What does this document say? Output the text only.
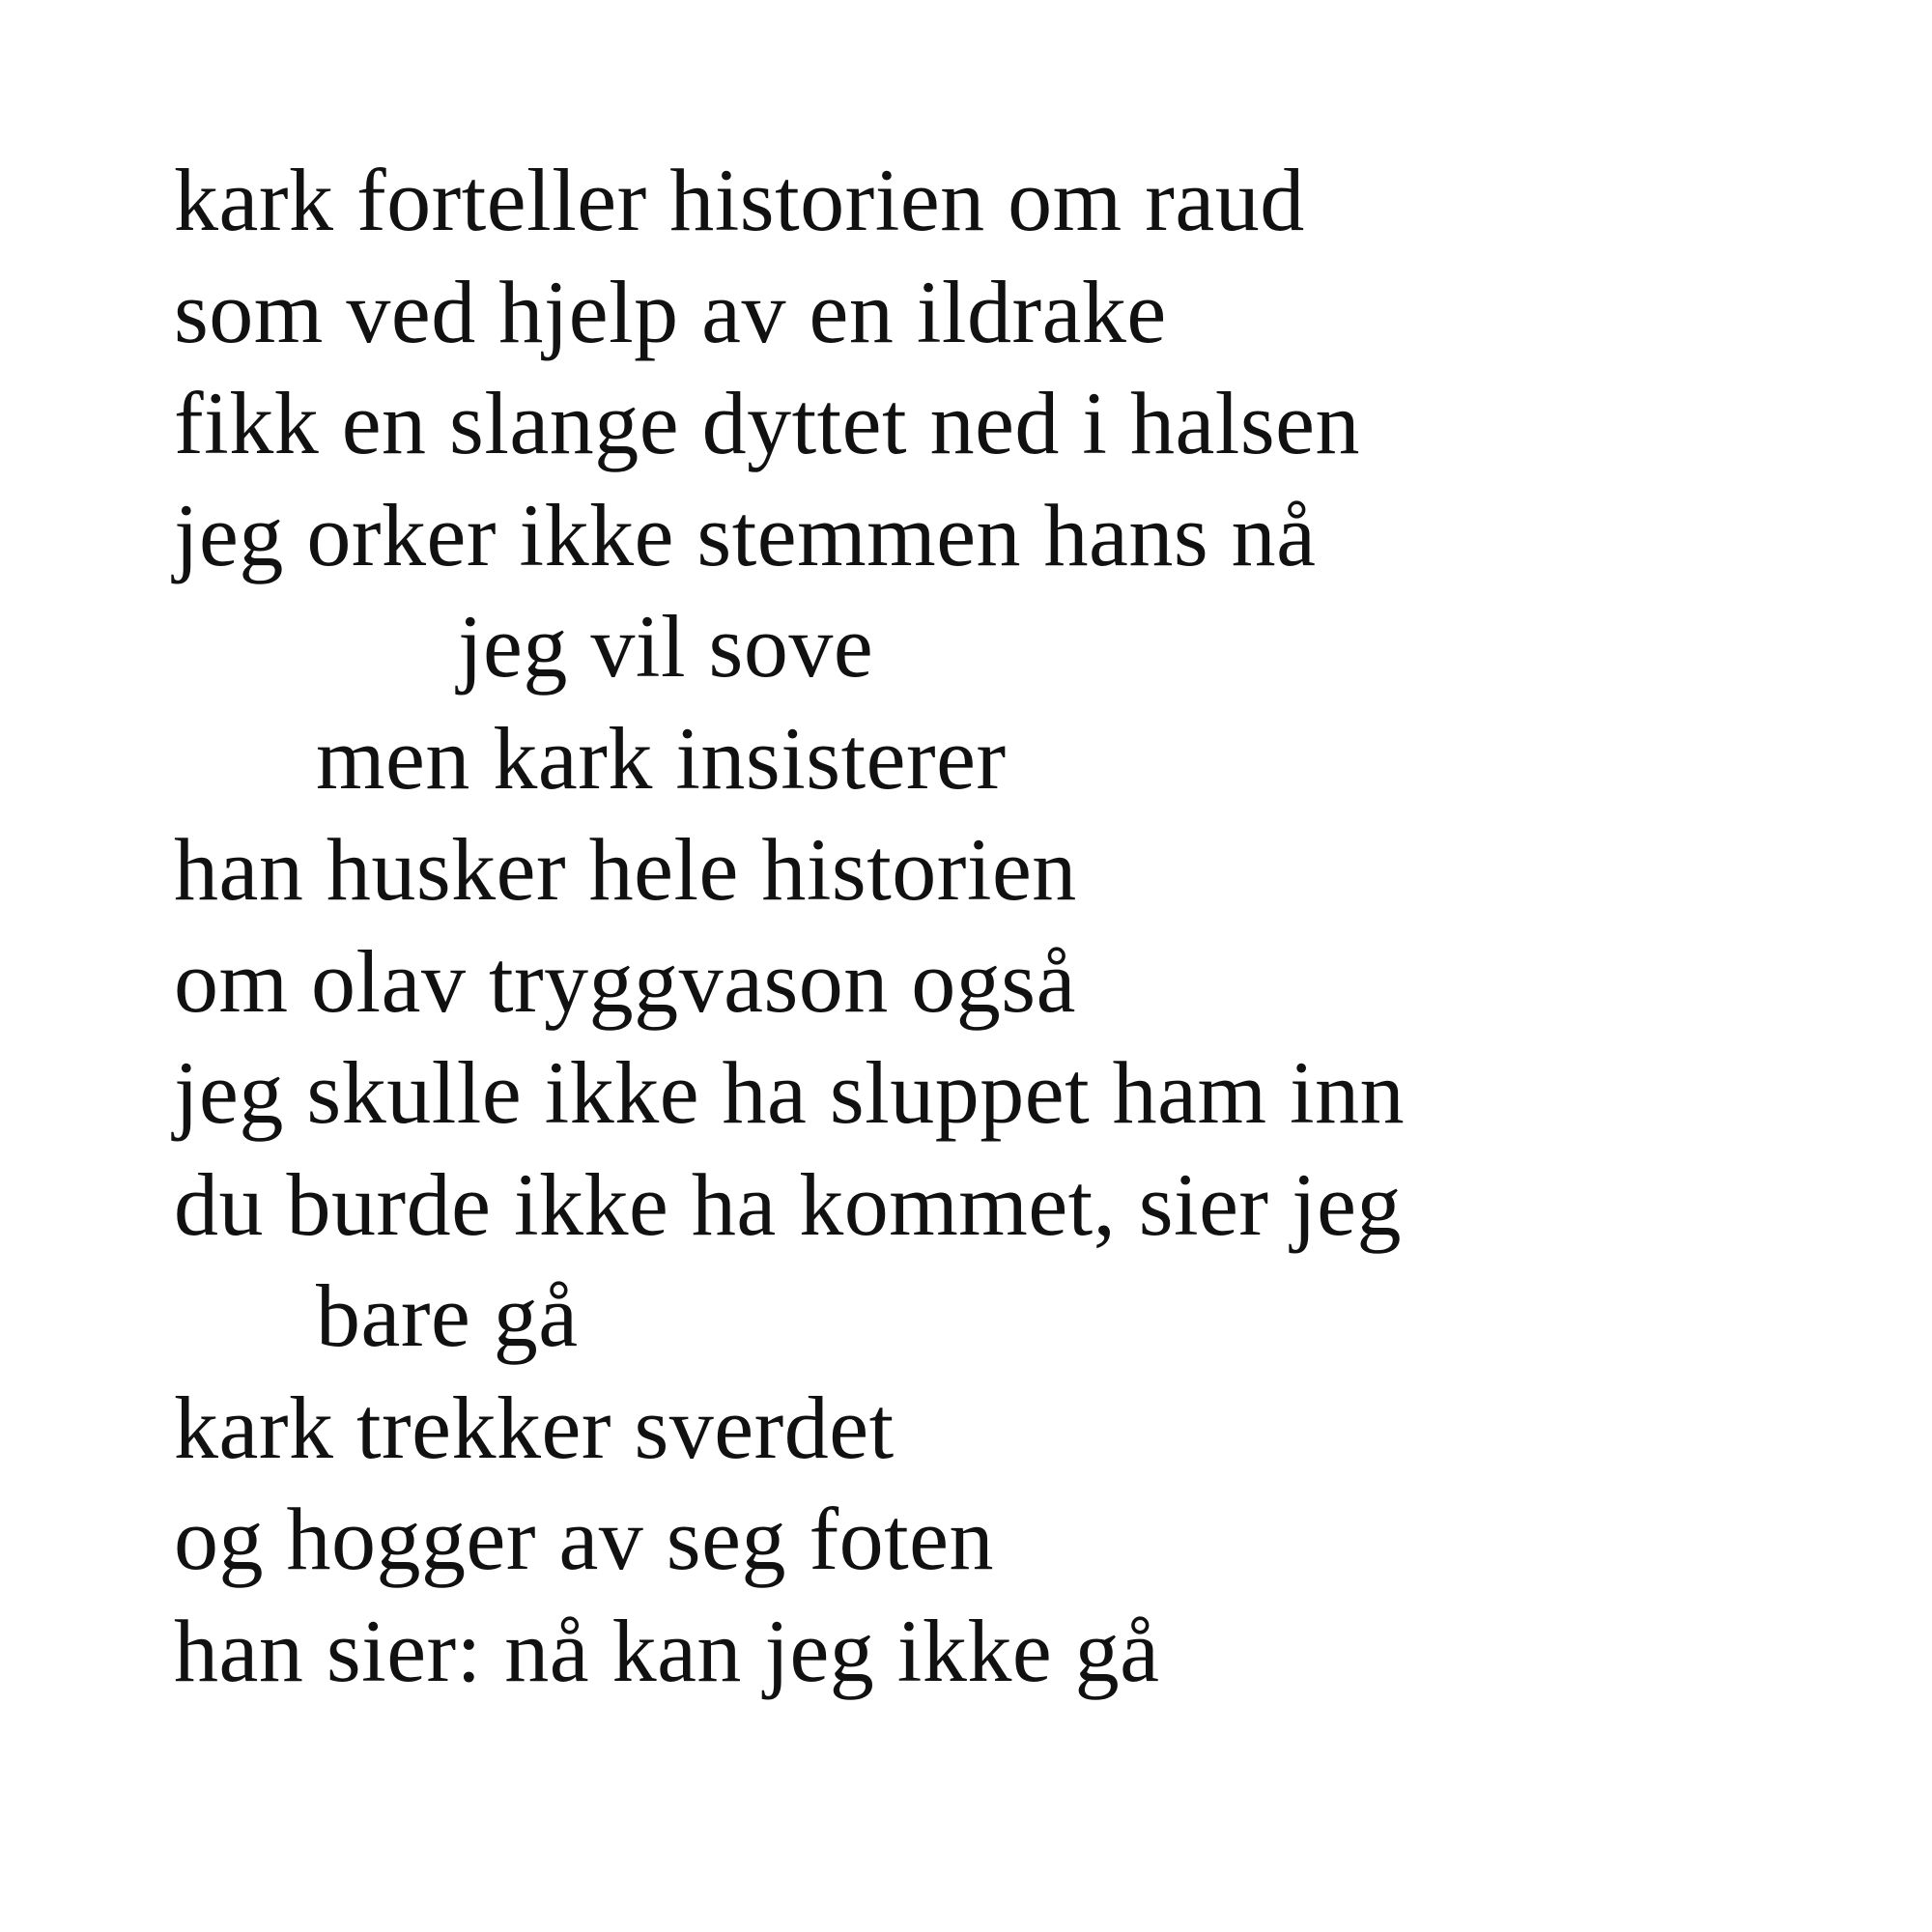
kark forteller historien om raud
som ved hjelp av en ildrake
fikk en slange dyttet ned i halsen
jeg orker ikke stemmen hans nå
jeg vil sove
men kark insisterer
han husker hele historien
om olav tryggvason også
jeg skulle ikke ha sluppet ham inn
du burde ikke ha kommet, sier jeg
bare gå
kark trekker sverdet
og hogger av seg foten
han sier: nå kan jeg ikke gå
